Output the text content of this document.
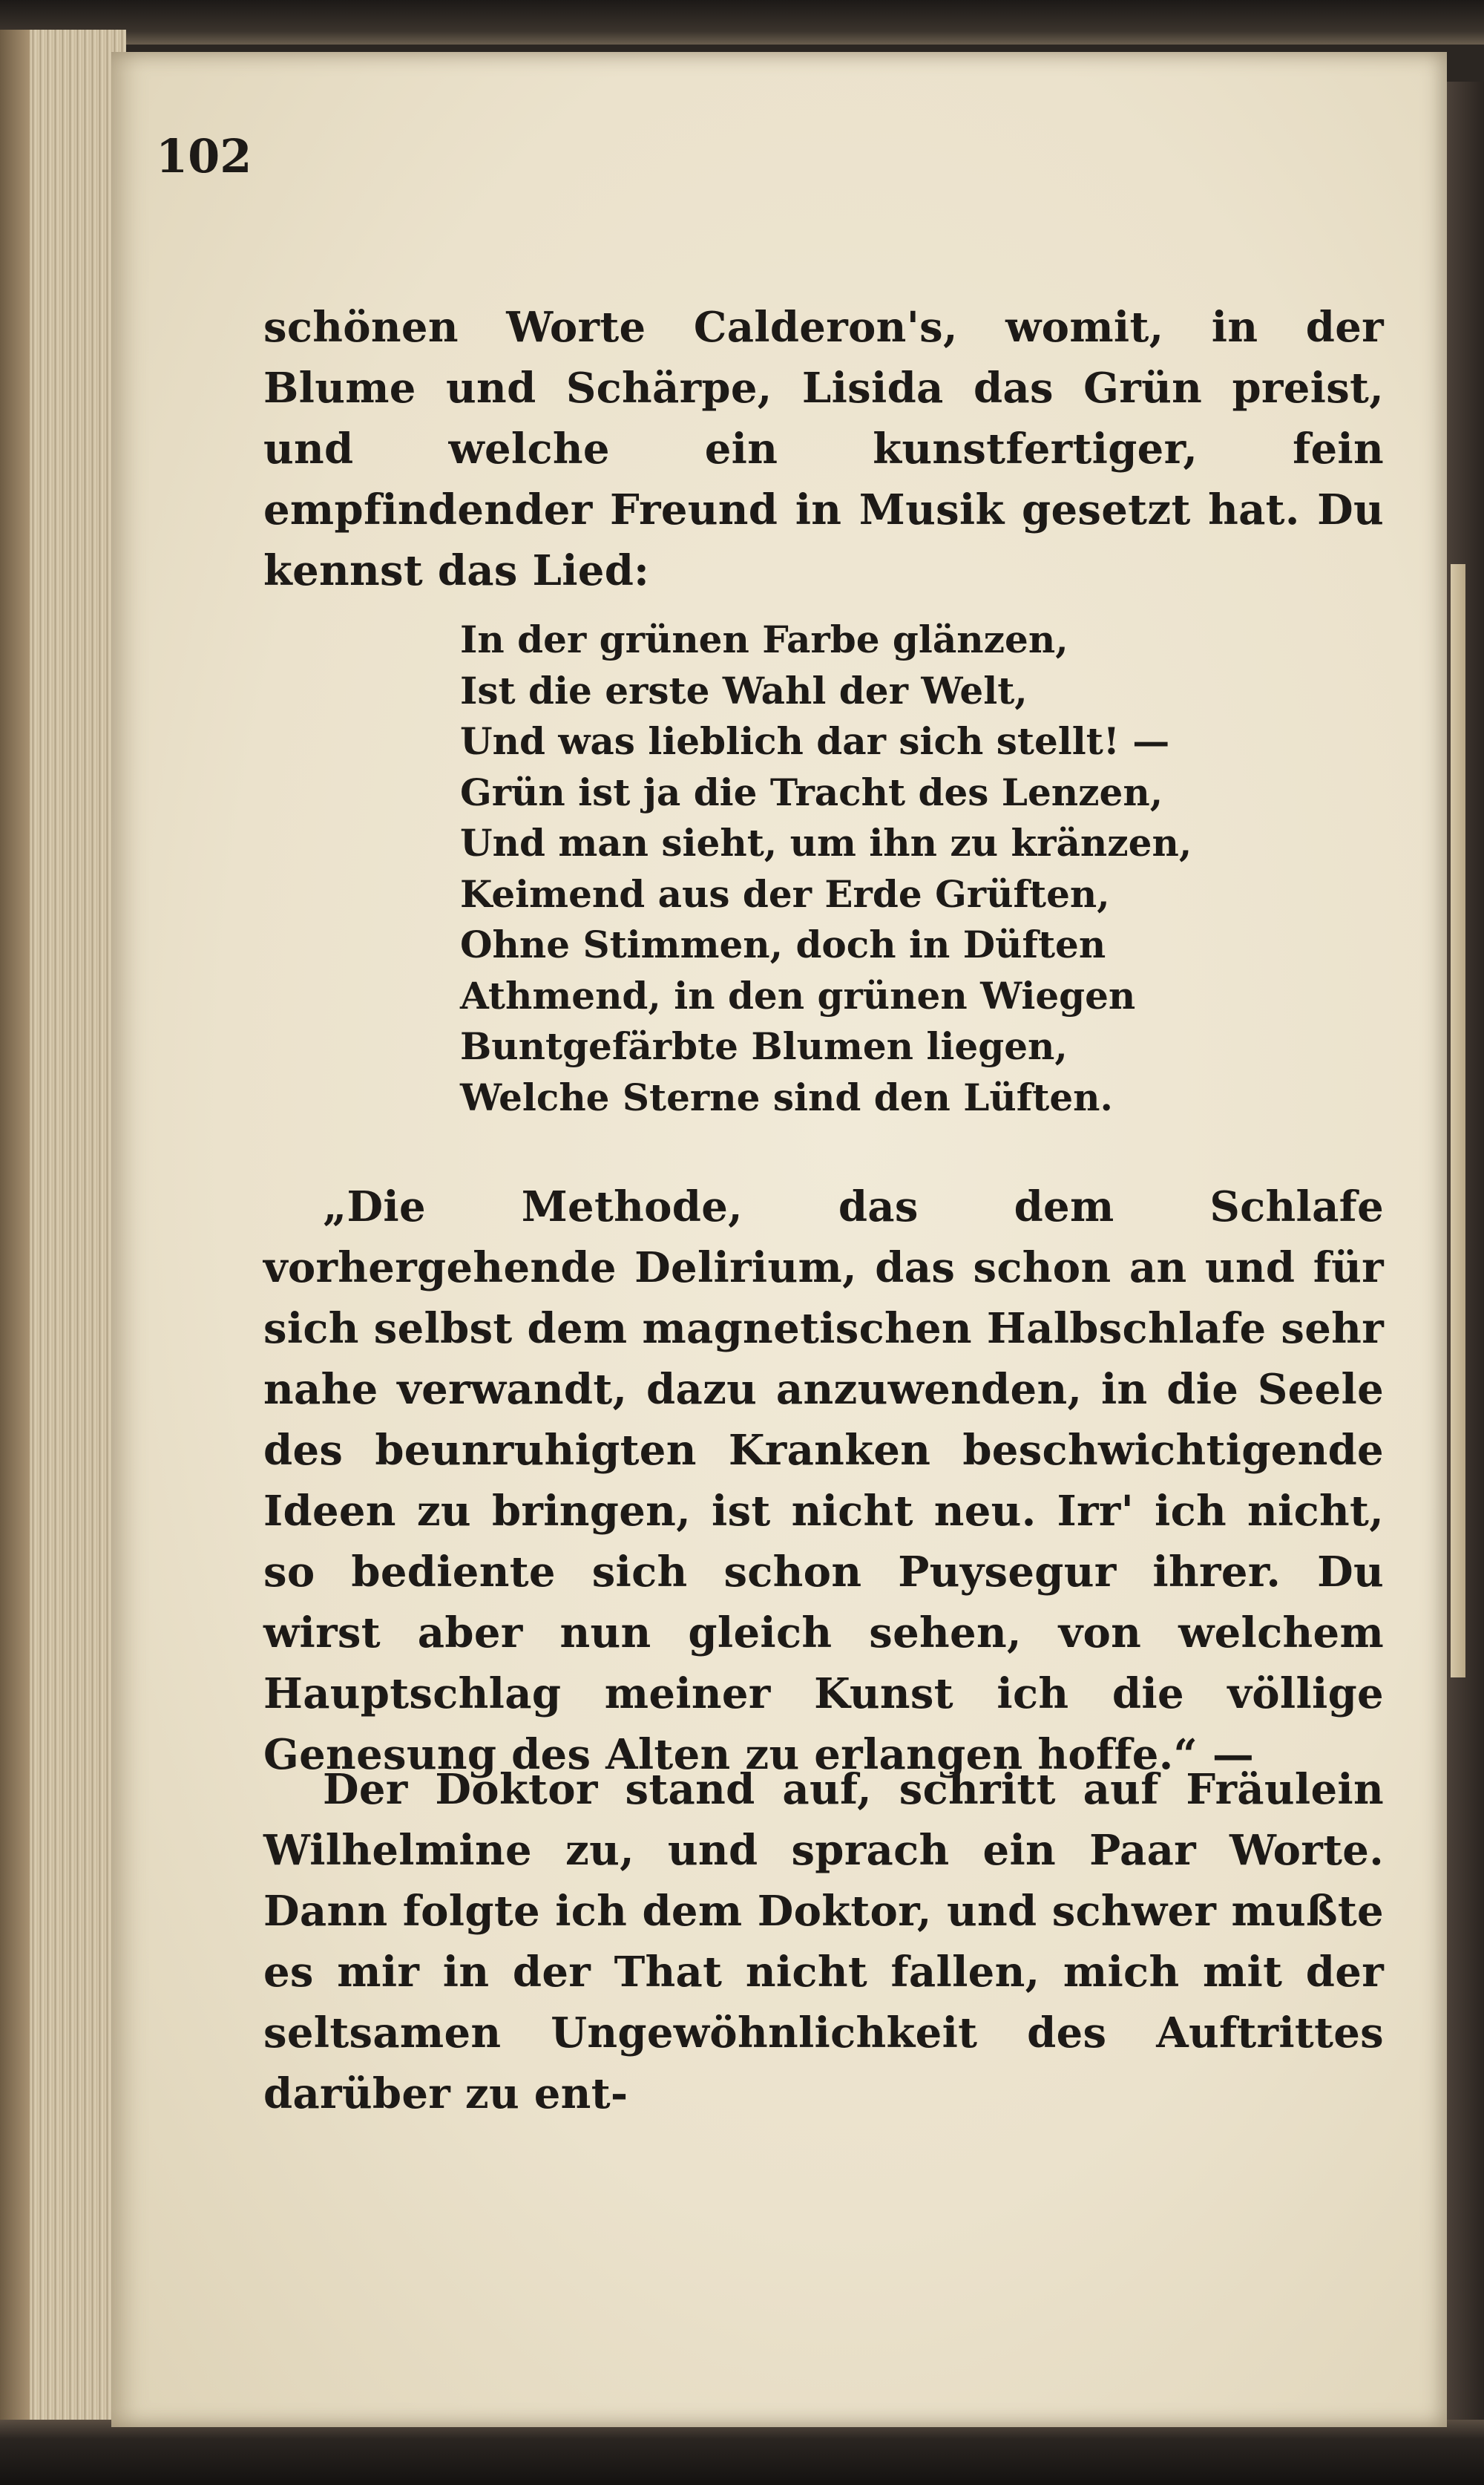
102

schönen Worte Calderon's, womit, in der Blume und Schärpe, Lisida das Grün preist, und welche ein kunstfertiger, fein empfindender Freund in Musik gesetzt hat. Du kennst das Lied:

In der grünen Farbe glänzen,
Ist die erste Wahl der Welt,
Und was lieblich dar sich stellt! —
Grün ist ja die Tracht des Lenzen,
Und man sieht, um ihn zu kränzen,
Keimend aus der Erde Grüften,
Ohne Stimmen, doch in Düften
Athmend, in den grünen Wiegen
Buntgefärbte Blumen liegen,
Welche Sterne sind den Lüften.

„Die Methode, das dem Schlafe vorhergehende Delirium, das schon an und für sich selbst dem magnetischen Halbschlafe sehr nahe verwandt, dazu anzuwenden, in die Seele des beunruhigten Kranken beschwichtigende Ideen zu bringen, ist nicht neu. Irr' ich nicht, so bediente sich schon Puysegur ihrer. Du wirst aber nun gleich sehen, von welchem Hauptschlag meiner Kunst ich die völlige Genesung des Alten zu erlangen hoffe.“ —

Der Doktor stand auf, schritt auf Fräulein Wilhelmine zu, und sprach ein Paar Worte. Dann folgte ich dem Doktor, und schwer mußte es mir in der That nicht fallen, mich mit der seltsamen Ungewöhnlichkeit des Auftrittes darüber zu ent-
